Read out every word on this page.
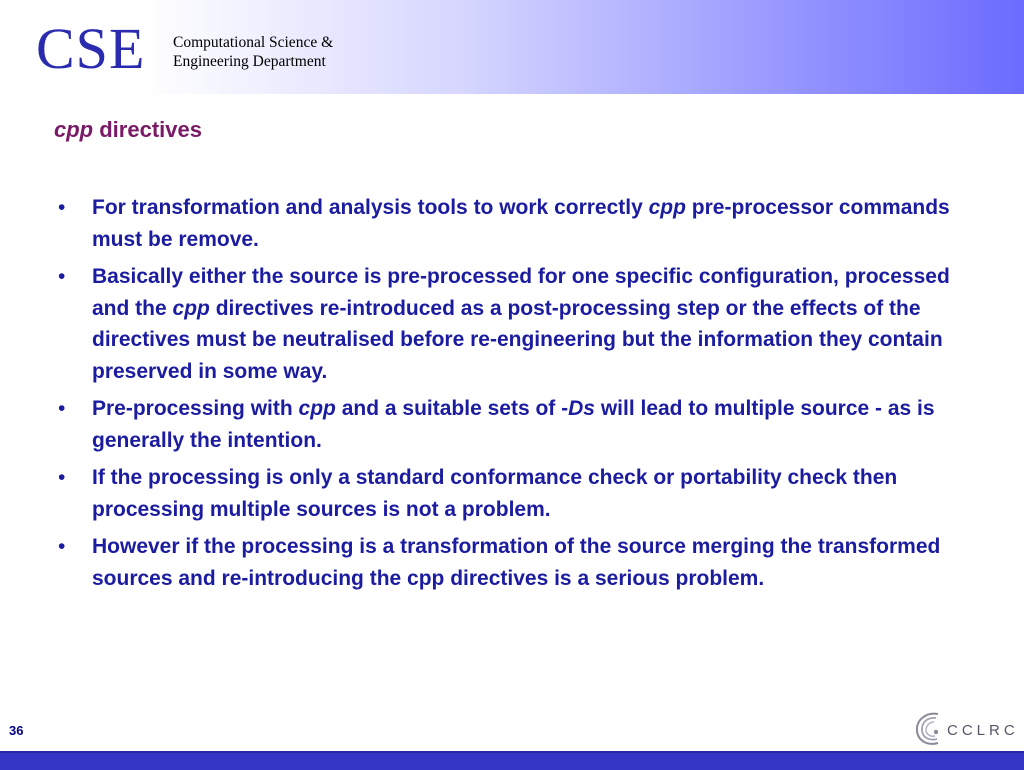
CSE Computational Science &
Engineering Department
cpp directives
• For transformation and analysis tools to work correctly cpp pre-processor commands must be remove.
• Basically either the source is pre-processed for one specific configuration, processed and the cpp directives re-introduced as a post-processing step or the effects of the directives must be neutralised before re-engineering but the information they contain preserved in some way.
• Pre-processing with cpp and a suitable sets of -Ds will lead to multiple source - as is generally the intention.
• If the processing is only a standard conformance check or portability check then processing multiple sources is not a problem.
• However if the processing is a transformation of the source merging the transformed sources and re-introducing the cpp directives is a serious problem.
36	CCLRC
